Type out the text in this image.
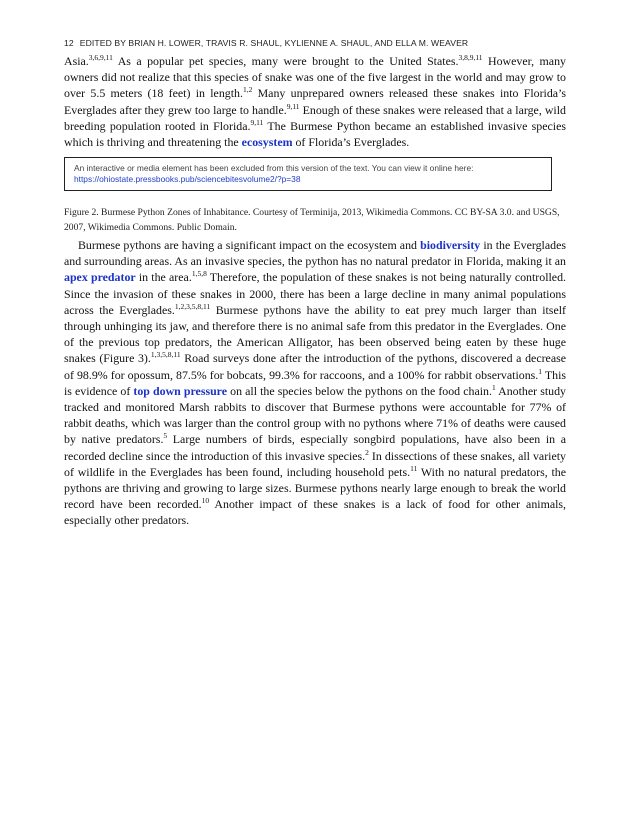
12 EDITED BY BRIAN H. LOWER, TRAVIS R. SHAUL, KYLIENNE A. SHAUL, AND ELLA M. WEAVER

Asia.$^{3,6,9,11}$ As a popular pet species, many were brought to the United States.$^{3,8,9,11}$ However, many owners did not realize that this species of snake was one of the five largest in the world and may grow to over 5.5 meters (18 feet) in length.$^{1,2}$ Many unprepared owners released these snakes into Florida’s Everglades after they grew too large to handle.$^{9,11}$ Enough of these snakes were released that a large, wild breeding population rooted in Florida.$^{9,11}$ The Burmese Python became an established invasive species which is thriving and threatening the ecosystem of Florida’s Everglades.

An interactive or media element has been excluded from this version of the text. You can view it online here:
https://ohiostate.pressbooks.pub/sciencebitesvolume2/?p=38

Figure 2. Burmese Python Zones of Inhabitance. Courtesy of Terminija, 2013, Wikimedia Commons. CC BY-SA 3.0. and USGS, 2007, Wikimedia Commons. Public Domain.

Burmese pythons are having a significant impact on the ecosystem and biodiversity in the Everglades and surrounding areas. As an invasive species, the python has no natural predator in Florida, making it an apex predator in the area.$^{1,5,8}$ Therefore, the population of these snakes is not being naturally controlled. Since the invasion of these snakes in 2000, there has been a large decline in many animal populations across the Everglades.$^{1,2,3,5,8,11}$ Burmese pythons have the ability to eat prey much larger than itself through unhinging its jaw, and therefore there is no animal safe from this predator in the Everglades. One of the previous top predators, the American Alligator, has been observed being eaten by these huge snakes (Figure 3).$^{1,3,5,8,11}$ Road surveys done after the introduction of the pythons, discovered a decrease of 98.9% for opossum, 87.5% for bobcats, 99.3% for raccoons, and a 100% for rabbit observations.$^1$ This is evidence of top down pressure on all the species below the pythons on the food chain.$^1$ Another study tracked and monitored Marsh rabbits to discover that Burmese pythons were accountable for 77% of rabbit deaths, which was larger than the control group with no pythons where 71% of deaths were caused by native predators.$^5$ Large numbers of birds, especially songbird populations, have also been in a recorded decline since the introduction of this invasive species.$^2$ In dissections of these snakes, all variety of wildlife in the Everglades has been found, including household pets.$^{11}$ With no natural predators, the pythons are thriving and growing to large sizes. Burmese pythons nearly large enough to break the world record have been recorded.$^{10}$ Another impact of these snakes is a lack of food for other animals, especially other predators.
